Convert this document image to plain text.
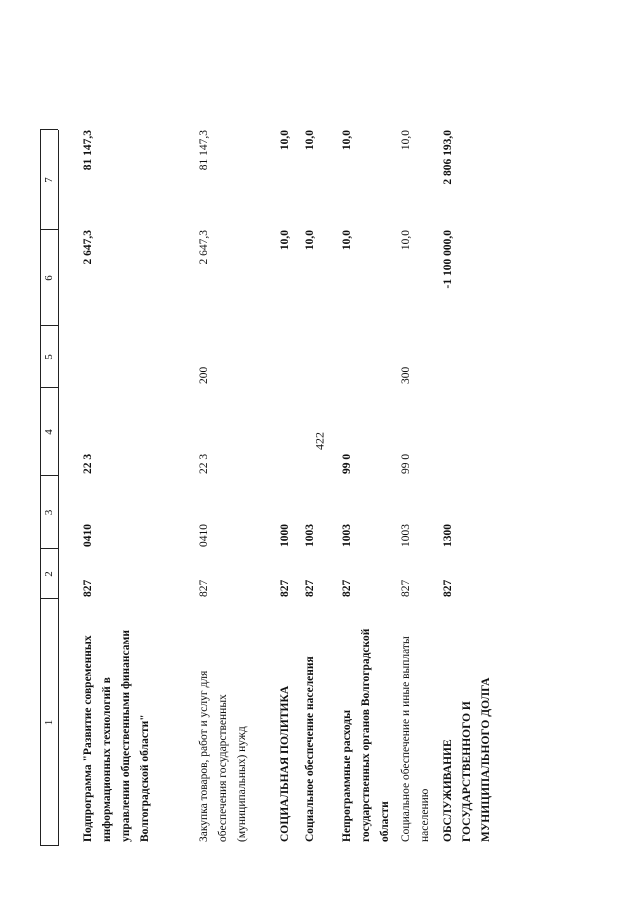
422
1
2
3
4
5
6
7
Подпрограмма "Развитие современных информационных технологий в управлении общественными финансами Волгоградской области"
827
0410
22 3
2 647,3
81 147,3
Закупка товаров, работ и услуг для обеспечения государственных (муниципальных) нужд
827
0410
22 3
200
2 647,3
81 147,3
СОЦИАЛЬНАЯ ПОЛИТИКА
827
1000
10,0
10,0
Социальное обеспечение населения
827
1003
10,0
10,0
Непрограммные расходы государственных органов Волгоградской области
827
1003
99 0
10,0
10,0
Социальное обеспечение и иные выплаты населению
827
1003
99 0
300
10,0
10,0
ОБСЛУЖИВАНИЕ ГОСУДАРСТВЕННОГО И МУНИЦИПАЛЬНОГО ДОЛГА
827
1300
-1 100 000,0
2 806 193,0
